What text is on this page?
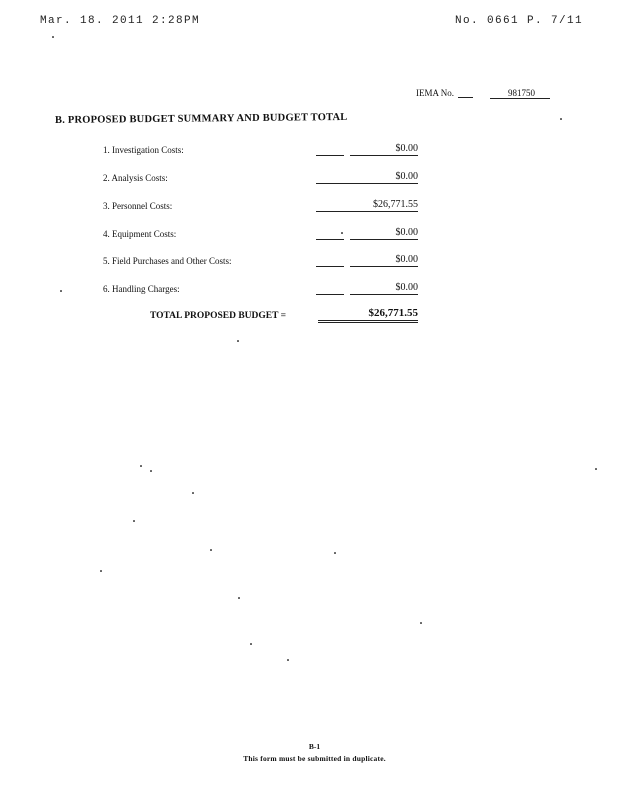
Mar. 18. 2011 2:28PM	No. 0661 P. 7/11
IEMA No.	981750
B. PROPOSED BUDGET SUMMARY AND BUDGET TOTAL
1. Investigation Costs:	$0.00
2. Analysis Costs:	$0.00
3. Personnel Costs:	$26,771.55
4. Equipment Costs:	$0.00
5. Field Purchases and Other Costs:	$0.00
6. Handling Charges:	$0.00
TOTAL PROPOSED BUDGET =	$26,771.55
B-1
This form must be submitted in duplicate.
